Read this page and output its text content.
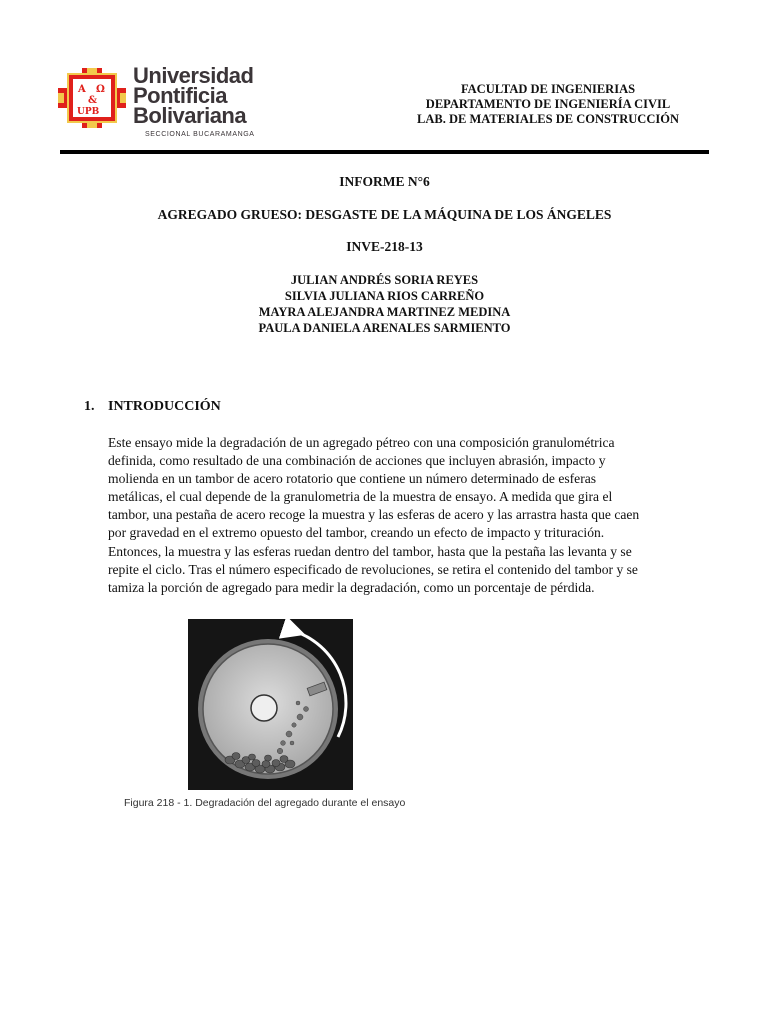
A Ω
&
UPB
Universidad
Pontificia
Bolivariana
SECCIONAL BUCARAMANGA
FACULTAD DE INGENIERIAS
DEPARTAMENTO DE INGENIERÍA CIVIL
LAB. DE MATERIALES DE CONSTRUCCIÓN
INFORME N°6
AGREGADO GRUESO: DESGASTE DE LA MÁQUINA DE LOS ÁNGELES
INVE-218-13
JULIAN ANDRÉS SORIA REYES
SILVIA JULIANA RIOS CARREÑO
MAYRA ALEJANDRA MARTINEZ MEDINA
PAULA DANIELA ARENALES SARMIENTO
1. INTRODUCCIÓN
Este ensayo mide la degradación de un agregado pétreo con una composición granulométrica
definida, como resultado de una combinación de acciones que incluyen abrasión, impacto y
molienda en un tambor de acero rotatorio que contiene un número determinado de esferas
metálicas, el cual depende de la granulometria de la muestra de ensayo. A medida que gira el
tambor, una pestaña de acero recoge la muestra y las esferas de acero y las arrastra hasta que caen
por gravedad en el extremo opuesto del tambor, creando un efecto de impacto y trituración.
Entonces, la muestra y las esferas ruedan dentro del tambor, hasta que la pestaña las levanta y se
repite el ciclo. Tras el número especificado de revoluciones, se retira el contenido del tambor y se
tamiza la porción de agregado para medir la degradación, como un porcentaje de pérdida.
Figura 218 - 1. Degradación del agregado durante el ensayo
